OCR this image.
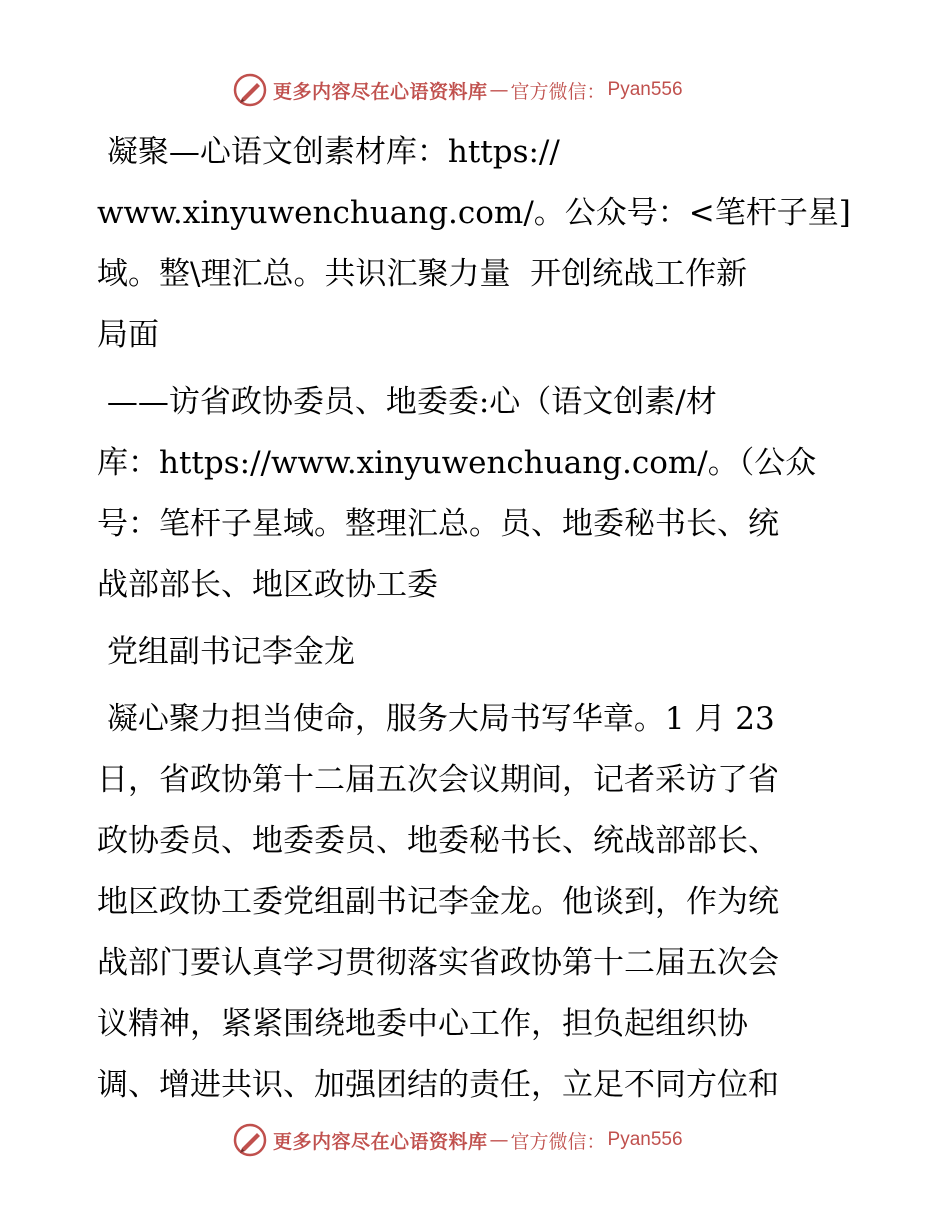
更多内容尽在心语资料库 — 官方微信： Pyan556

凝聚—心语文创素材库：https://
www.xinyuwenchuang.com/。公众号：<笔杆子星]
域。整\理汇总。共识汇聚力量  开创统战工作新
局面

——访省政协委员、地委委:心（语文创素/材
库：https://www.xinyuwenchuang.com/。（公众
号：笔杆子星域。整理汇总。员、地委秘书长、统
战部部长、地区政协工委

党组副书记李金龙

凝心聚力担当使命，服务大局书写华章。1 月 23
日，省政协第十二届五次会议期间，记者采访了省
政协委员、地委委员、地委秘书长、统战部部长、
地区政协工委党组副书记李金龙。他谈到，作为统
战部门要认真学习贯彻落实省政协第十二届五次会
议精神，紧紧围绕地委中心工作，担负起组织协
调、增进共识、加强团结的责任，立足不同方位和

更多内容尽在心语资料库 — 官方微信： Pyan556
